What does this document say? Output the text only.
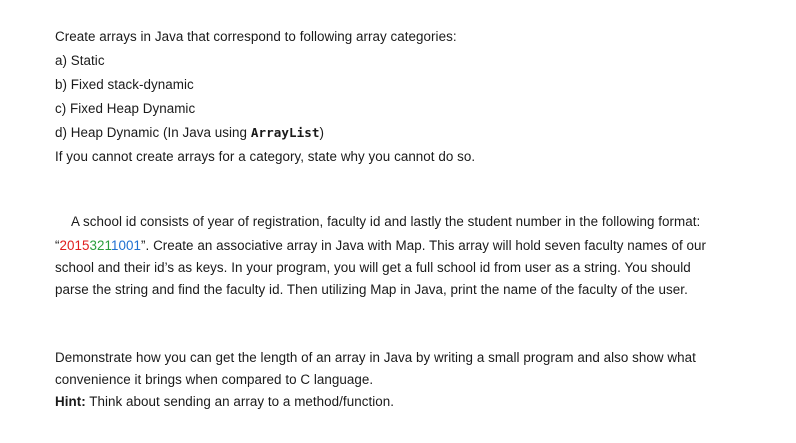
Create arrays in Java that correspond to following array categories:
a) Static
b) Fixed stack-dynamic
c) Fixed Heap Dynamic
d) Heap Dynamic (In Java using ArrayList)
If you cannot create arrays for a category, state why you cannot do so.
A school id consists of year of registration, faculty id and lastly the student number in the following format:
“20153211001”. Create an associative array in Java with Map. This array will hold seven faculty names of our
school and their id’s as keys. In your program, you will get a full school id from user as a string. You should
parse the string and find the faculty id. Then utilizing Map in Java, print the name of the faculty of the user.
Demonstrate how you can get the length of an array in Java by writing a small program and also show what
convenience it brings when compared to C language.
Hint: Think about sending an array to a method/function.
